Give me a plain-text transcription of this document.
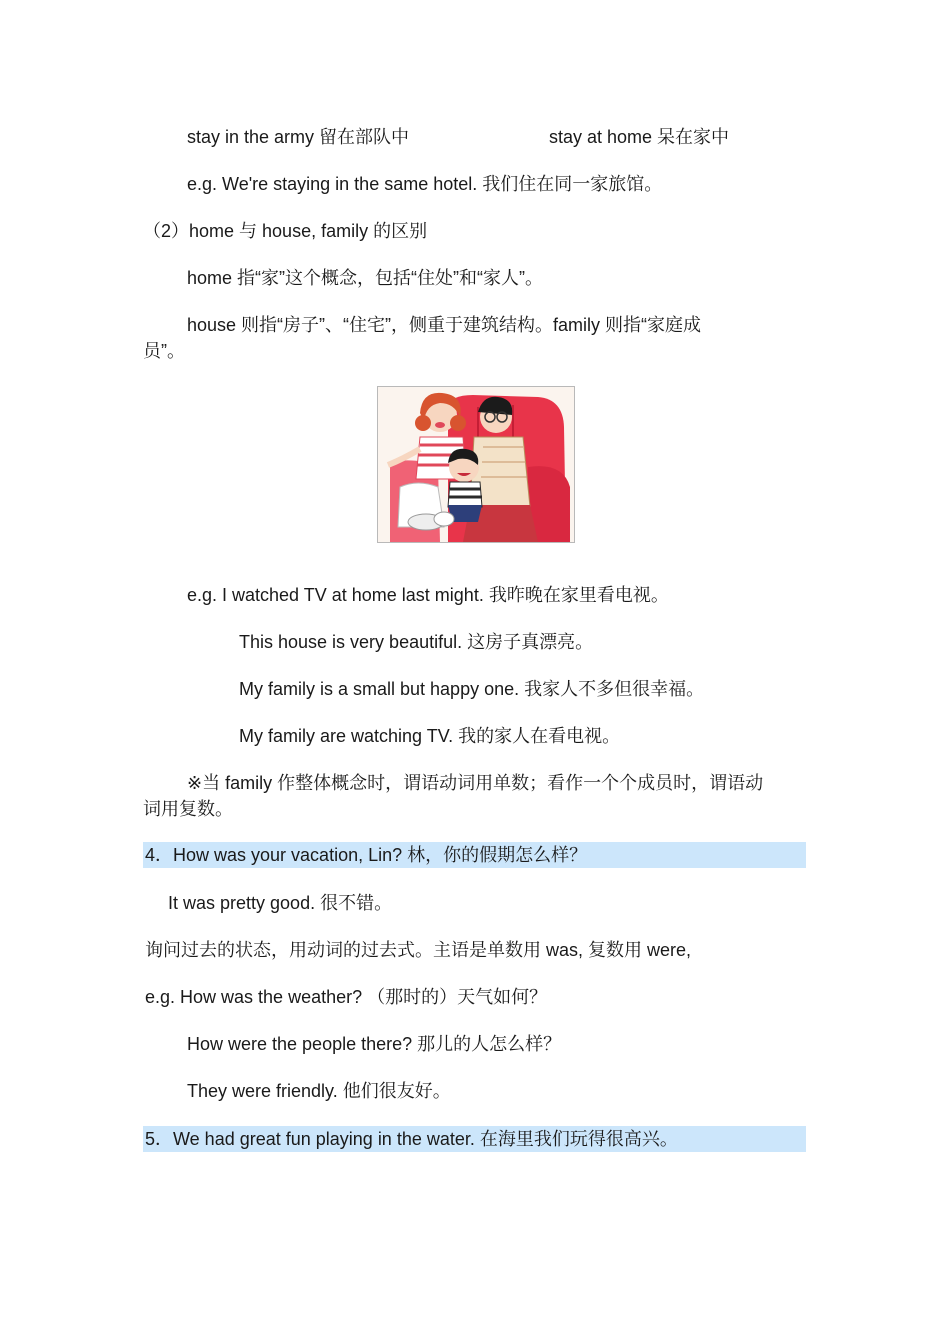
stay in the army 留在部队中	stay at home 呆在家中
e.g. We're staying in the same hotel. 我们住在同一家旅馆。
（2）home 与 house, family 的区别
home 指“家”这个概念，包括“住处”和“家人”。
house 则指“房子”、“住宅”，侧重于建筑结构。family 则指“家庭成
员”。
e.g. I watched TV at home last might. 我昨晚在家里看电视。
This house is very beautiful. 这房子真漂亮。
My family is a small but happy one. 我家人不多但很幸福。
My family are watching TV. 我的家人在看电视。
※当 family 作整体概念时，谓语动词用单数；看作一个个成员时，谓语动
词用复数。
4．How was your vacation, Lin? 林，你的假期怎么样？
It was pretty good. 很不错。
询问过去的状态，用动词的过去式。主语是单数用 was, 复数用 were,
e.g. How was the weather? （那时的）天气如何？
How were the people there? 那儿的人怎么样？
They were friendly. 他们很友好。
5．We had great fun playing in the water. 在海里我们玩得很高兴。
